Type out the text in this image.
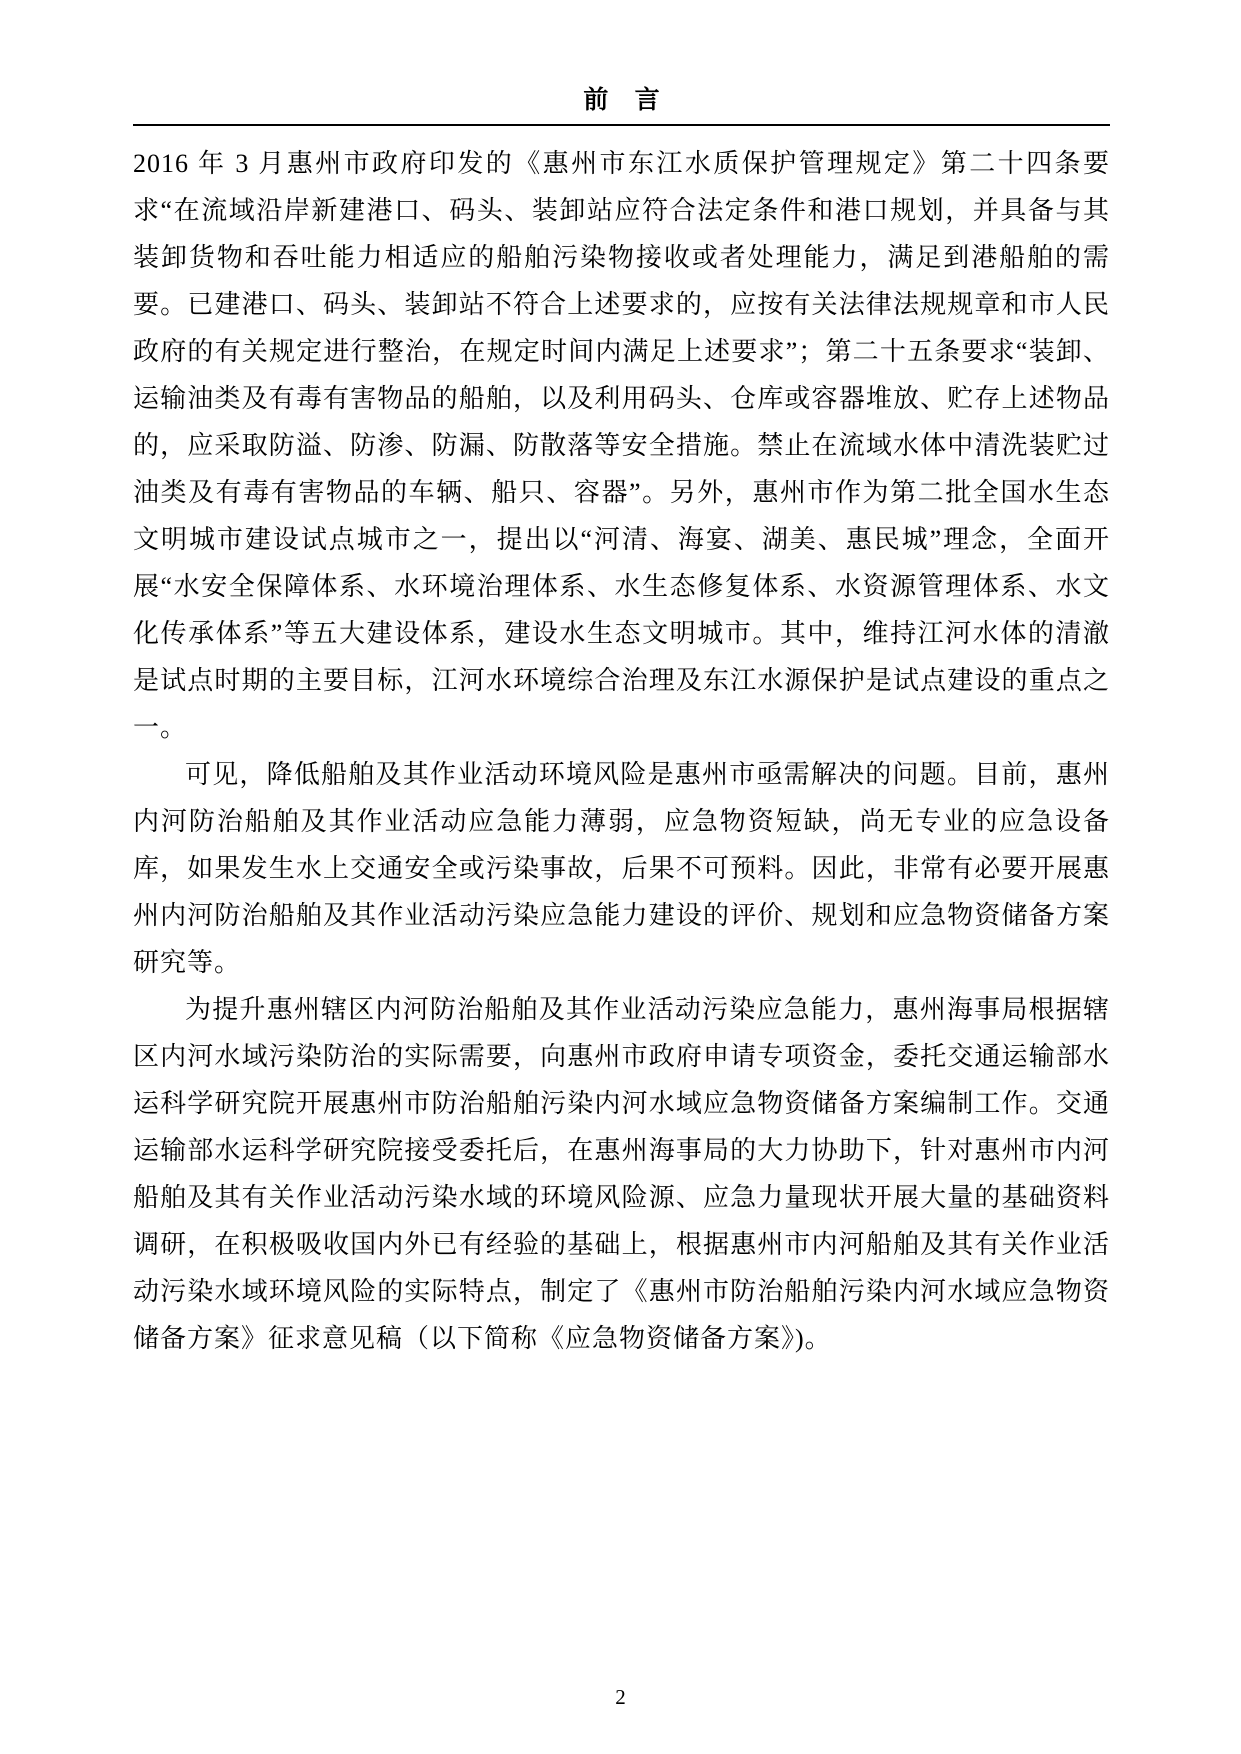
前 言

2016 年 3 月惠州市政府印发的《惠州市东江水质保护管理规定》第二十四条要求“在流域沿岸新建港口、码头、装卸站应符合法定条件和港口规划，并具备与其装卸货物和吞吐能力相适应的船舶污染物接收或者处理能力，满足到港船舶的需要。已建港口、码头、装卸站不符合上述要求的，应按有关法律法规规章和市人民政府的有关规定进行整治，在规定时间内满足上述要求”；第二十五条要求“装卸、运输油类及有毒有害物品的船舶，以及利用码头、仓库或容器堆放、贮存上述物品的，应采取防溢、防渗、防漏、防散落等安全措施。禁止在流域水体中清洗装贮过油类及有毒有害物品的车辆、船只、容器”。另外，惠州市作为第二批全国水生态文明城市建设试点城市之一，提出以“河清、海宴、湖美、惠民城”理念，全面开展“水安全保障体系、水环境治理体系、水生态修复体系、水资源管理体系、水文化传承体系”等五大建设体系，建设水生态文明城市。其中，维持江河水体的清澈是试点时期的主要目标，江河水环境综合治理及东江水源保护是试点建设的重点之一。

可见，降低船舶及其作业活动环境风险是惠州市亟需解决的问题。目前，惠州内河防治船舶及其作业活动应急能力薄弱，应急物资短缺，尚无专业的应急设备库，如果发生水上交通安全或污染事故，后果不可预料。因此，非常有必要开展惠州内河防治船舶及其作业活动污染应急能力建设的评价、规划和应急物资储备方案研究等。

为提升惠州辖区内河防治船舶及其作业活动污染应急能力，惠州海事局根据辖区内河水域污染防治的实际需要，向惠州市政府申请专项资金，委托交通运输部水运科学研究院开展惠州市防治船舶污染内河水域应急物资储备方案编制工作。交通运输部水运科学研究院接受委托后，在惠州海事局的大力协助下，针对惠州市内河船舶及其有关作业活动污染水域的环境风险源、应急力量现状开展大量的基础资料调研，在积极吸收国内外已有经验的基础上，根据惠州市内河船舶及其有关作业活动污染水域环境风险的实际特点，制定了《惠州市防治船舶污染内河水域应急物资储备方案》征求意见稿（以下简称《应急物资储备方案》)。

2
